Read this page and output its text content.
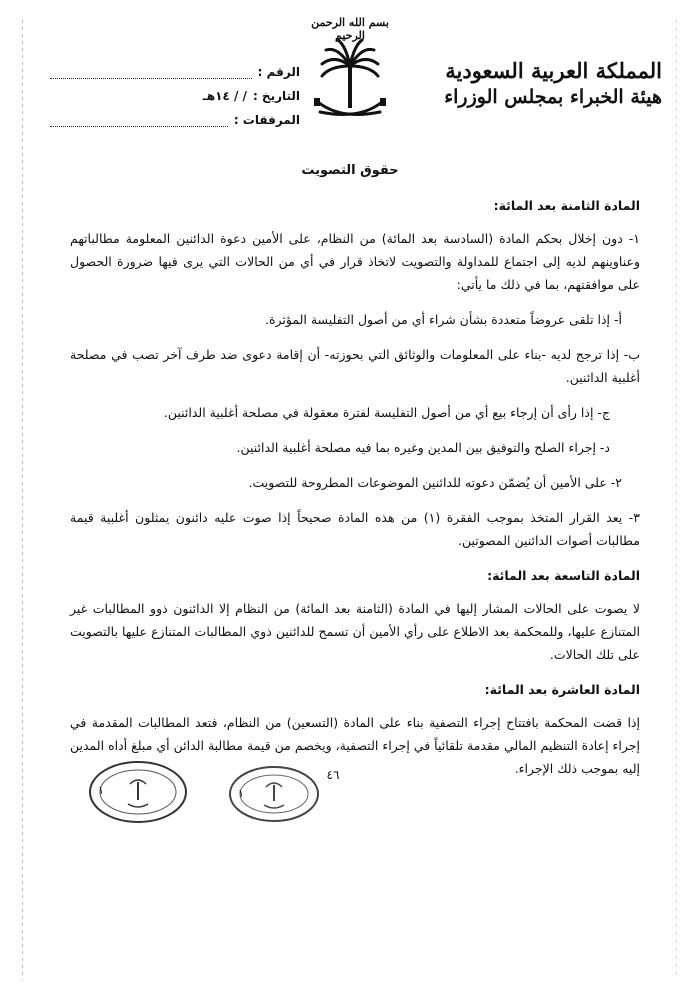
المملكة العربية السعودية
هيئة الخبراء بمجلس الوزراء
بسم الله الرحمن الرحيم
الرقم :
التاريخ :
/ / ١٤هـ
المرفقات :
حقوق التصويت
المادة الثامنة بعد المائة:
١- دون إخلال بحكم المادة (السادسة بعد المائة) من النظام، على الأمين دعوة الدائنين المعلومة مطالباتهم وعناوينهم لديه إلى اجتماع للمداولة والتصويت لاتخاذ قرار في أي من الحالات التي يرى فيها ضرورة الحصول على موافقتهم، بما في ذلك ما يأتي:
أ- إذا تلقى عروضاً متعددة بشأن شراء أي من أصول التفليسة المؤثرة.
ب- إذا ترجح لديه -بناء على المعلومات والوثائق التي بحوزته- أن إقامة دعوى ضد طرف آخر تصب في مصلحة أغلبية الدائنين.
ج- إذا رأى أن إرجاء بيع أي من أصول التفليسة لفترة معقولة في مصلحة أغلبية الدائنين.
د- إجراء الصلح والتوفيق بين المدين وغيره بما فيه مصلحة أغلبية الدائنين.
٢- على الأمين أن يُضمّن دعوته للدائنين الموضوعات المطروحة للتصويت.
٣- يعد القرار المتخذ بموجب الفقرة (١) من هذه المادة صحيحاً إذا صوت عليه دائنون يمثلون أغلبية قيمة مطالبات أصوات الدائنين المصوتين.
المادة التاسعة بعد المائة:
لا يصوت على الحالات المشار إليها في المادة (الثامنة بعد المائة) من النظام إلا الدائنون ذوو المطالبات غير المتنازع عليها، وللمحكمة بعد الاطلاع على رأي الأمين أن تسمح للدائنين ذوي المطالبات المتنازع عليها بالتصويت على تلك الحالات.
المادة العاشرة بعد المائة:
إذا قضت المحكمة بافتتاح إجراء التصفية بناء على المادة (التسعين) من النظام، فتعد المطالبات المقدمة في إجراء إعادة التنظيم المالي مقدمة تلقائياً في إجراء التصفية، ويخصم من قيمة مطالبة الدائن أي مبلغ أداه المدين إليه بموجب ذلك الإجراء.
٤٦
١	١
